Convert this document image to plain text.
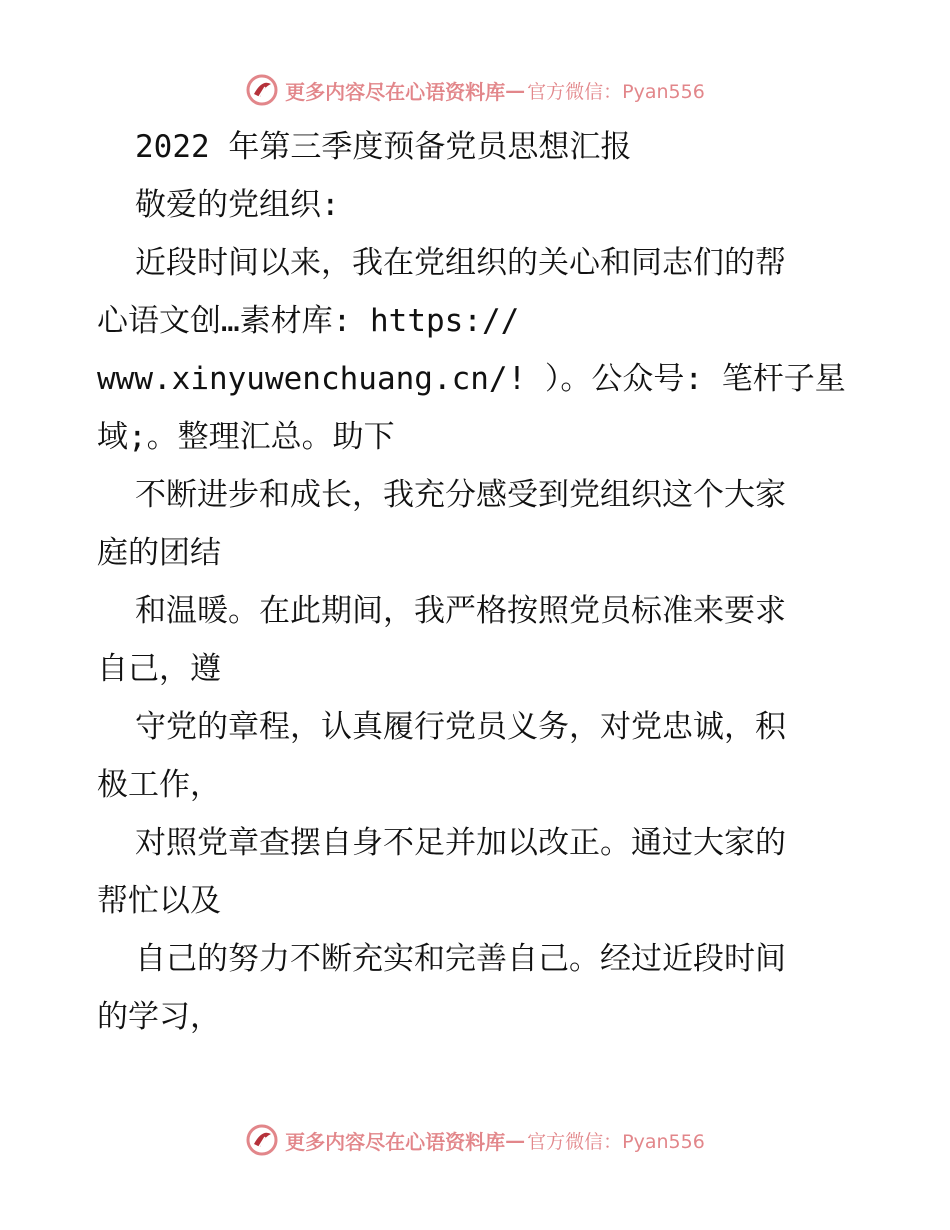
更多内容尽在心语资料库 — 官方微信：Pyan556
2022 年第三季度预备党员思想汇报
敬爱的党组织:
近段时间以来，我在党组织的关心和同志们的帮
心语文创…素材库: https://
www.xinyuwenchuang.cn/! ）。公众号: 笔杆子星
域;。整理汇总。助下
不断进步和成长，我充分感受到党组织这个大家
庭的团结
和温暖。在此期间，我严格按照党员标准来要求
自己，遵
守党的章程，认真履行党员义务，对党忠诚，积
极工作，
对照党章查摆自身不足并加以改正。通过大家的
帮忙以及
自己的努力不断充实和完善自己。经过近段时间
的学习，
更多内容尽在心语资料库 — 官方微信：Pyan556
